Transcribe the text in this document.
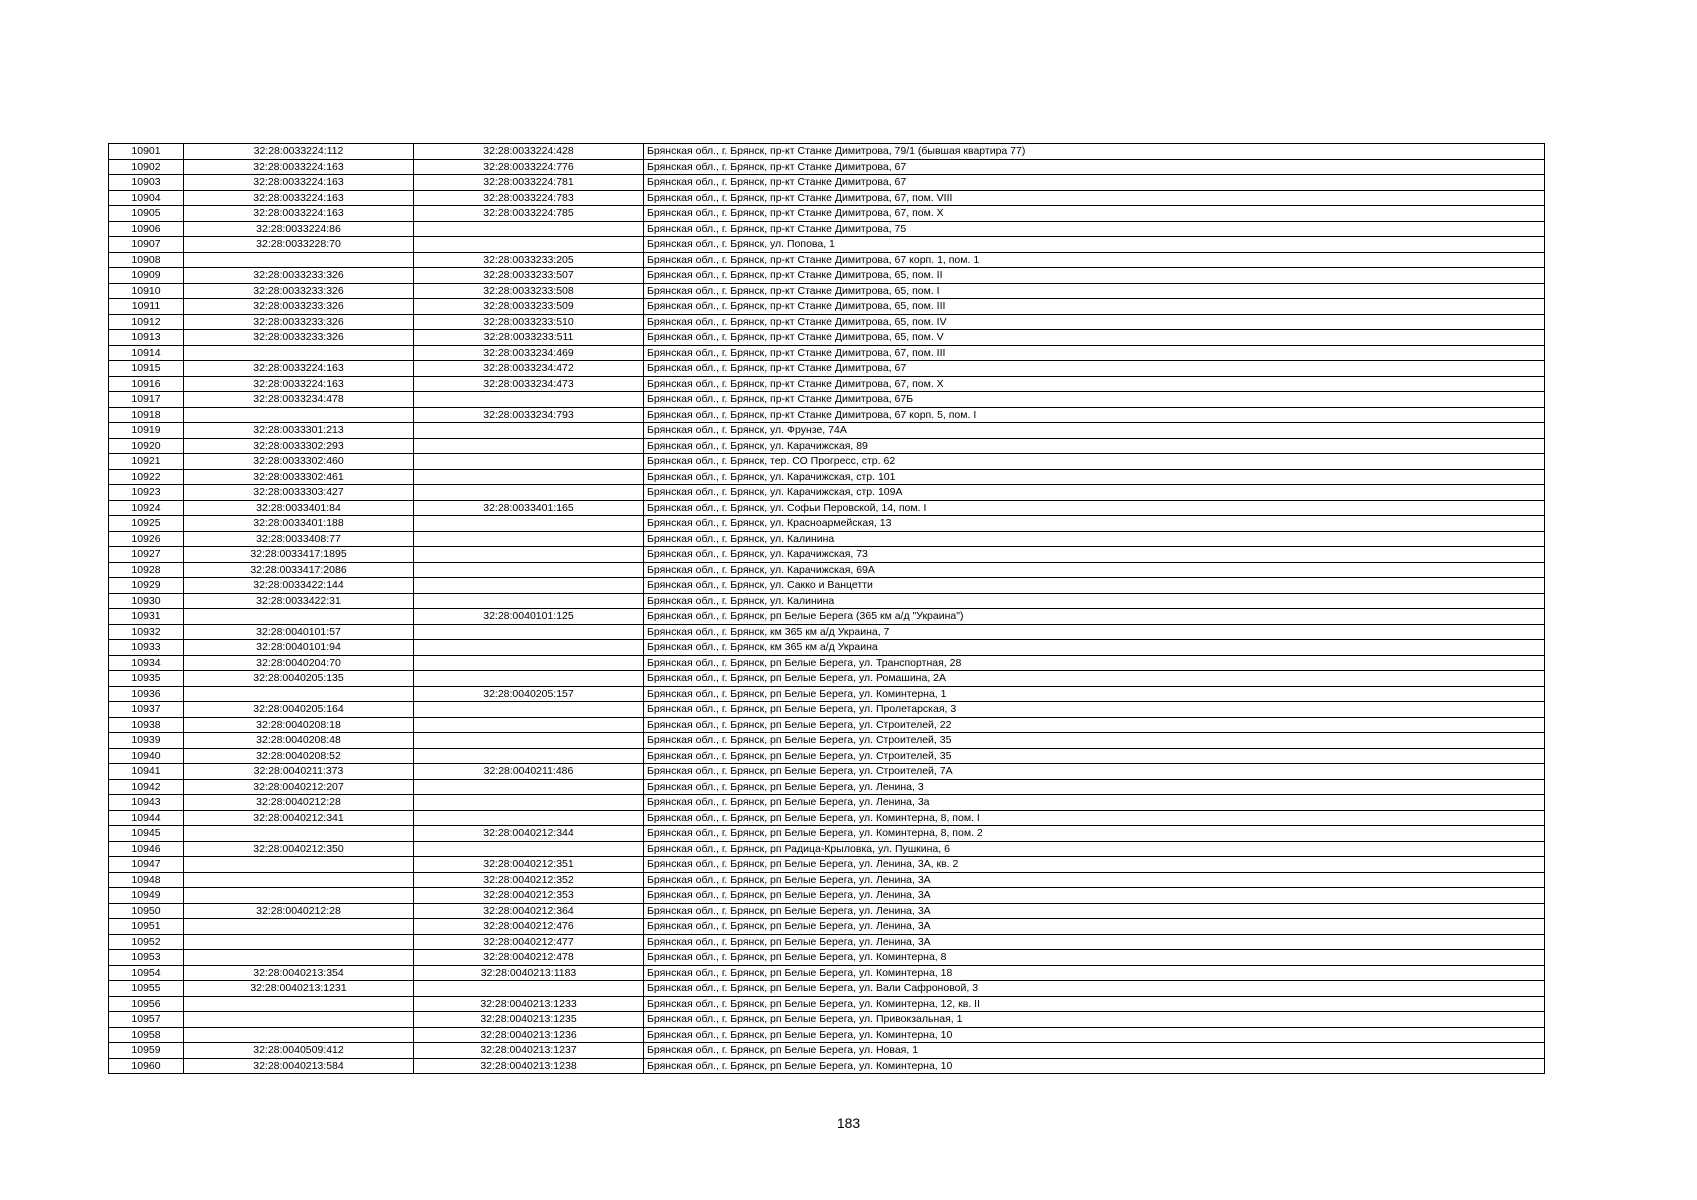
10901	32:28:0033224:112	32:28:0033224:428	Брянская обл., г. Брянск, пр-кт Станке Димитрова, 79/1 (бывшая квартира 77)
10902	32:28:0033224:163	32:28:0033224:776	Брянская обл., г. Брянск, пр-кт Станке Димитрова, 67
10903	32:28:0033224:163	32:28:0033224:781	Брянская обл., г. Брянск, пр-кт Станке Димитрова, 67
10904	32:28:0033224:163	32:28:0033224:783	Брянская обл., г. Брянск, пр-кт Станке Димитрова, 67, пом. VIII
10905	32:28:0033224:163	32:28:0033224:785	Брянская обл., г. Брянск, пр-кт Станке Димитрова, 67, пом. X
10906	32:28:0033224:86		Брянская обл., г. Брянск, пр-кт Станке Димитрова, 75
10907	32:28:0033228:70		Брянская обл., г. Брянск, ул. Попова, 1
10908		32:28:0033233:205	Брянская обл., г. Брянск, пр-кт Станке Димитрова, 67 корп. 1, пом. 1
10909	32:28:0033233:326	32:28:0033233:507	Брянская обл., г. Брянск, пр-кт Станке Димитрова, 65, пом. II
10910	32:28:0033233:326	32:28:0033233:508	Брянская обл., г. Брянск, пр-кт Станке Димитрова, 65, пом. I
10911	32:28:0033233:326	32:28:0033233:509	Брянская обл., г. Брянск, пр-кт Станке Димитрова, 65, пом. III
10912	32:28:0033233:326	32:28:0033233:510	Брянская обл., г. Брянск, пр-кт Станке Димитрова, 65, пом. IV
10913	32:28:0033233:326	32:28:0033233:511	Брянская обл., г. Брянск, пр-кт Станке Димитрова, 65, пом. V
10914		32:28:0033234:469	Брянская обл., г. Брянск, пр-кт Станке Димитрова, 67, пом. III
10915	32:28:0033224:163	32:28:0033234:472	Брянская обл., г. Брянск, пр-кт Станке Димитрова, 67
10916	32:28:0033224:163	32:28:0033234:473	Брянская обл., г. Брянск, пр-кт Станке Димитрова, 67, пом. X
10917	32:28:0033234:478		Брянская обл., г. Брянск, пр-кт Станке Димитрова, 67Б
10918		32:28:0033234:793	Брянская обл., г. Брянск, пр-кт Станке Димитрова, 67 корп. 5, пом. I
10919	32:28:0033301:213		Брянская обл., г. Брянск, ул. Фрунзе, 74А
10920	32:28:0033302:293		Брянская обл., г. Брянск, ул. Карачижская, 89
10921	32:28:0033302:460		Брянская обл., г. Брянск, тер. СО Прогресс, стр. 62
10922	32:28:0033302:461		Брянская обл., г. Брянск, ул. Карачижская, стр. 101
10923	32:28:0033303:427		Брянская обл., г. Брянск, ул. Карачижская, стр. 109А
10924	32:28:0033401:84	32:28:0033401:165	Брянская обл., г. Брянск, ул. Софьи Перовской, 14, пом. I
10925	32:28:0033401:188		Брянская обл., г. Брянск, ул. Красноармейская, 13
10926	32:28:0033408:77		Брянская обл., г. Брянск, ул. Калинина
10927	32:28:0033417:1895		Брянская обл., г. Брянск, ул. Карачижская, 73
10928	32:28:0033417:2086		Брянская обл., г. Брянск, ул. Карачижская, 69А
10929	32:28:0033422:144		Брянская обл., г. Брянск, ул. Сакко и Ванцетти
10930	32:28:0033422:31		Брянская обл., г. Брянск, ул. Калинина
10931		32:28:0040101:125	Брянская обл., г. Брянск, рп Белые Берега (365 км а/д "Украина")
10932	32:28:0040101:57		Брянская обл., г. Брянск, км 365 км а/д Украина, 7
10933	32:28:0040101:94		Брянская обл., г. Брянск, км 365 км а/д Украина
10934	32:28:0040204:70		Брянская обл., г. Брянск, рп Белые Берега, ул. Транспортная, 28
10935	32:28:0040205:135		Брянская обл., г. Брянск, рп Белые Берега, ул. Ромашина, 2А
10936		32:28:0040205:157	Брянская обл., г. Брянск, рп Белые Берега, ул. Коминтерна, 1
10937	32:28:0040205:164		Брянская обл., г. Брянск, рп Белые Берега, ул. Пролетарская, 3
10938	32:28:0040208:18		Брянская обл., г. Брянск, рп Белые Берега, ул. Строителей, 22
10939	32:28:0040208:48		Брянская обл., г. Брянск, рп Белые Берега, ул. Строителей, 35
10940	32:28:0040208:52		Брянская обл., г. Брянск, рп Белые Берега, ул. Строителей, 35
10941	32:28:0040211:373	32:28:0040211:486	Брянская обл., г. Брянск, рп Белые Берега, ул. Строителей, 7А
10942	32:28:0040212:207		Брянская обл., г. Брянск, рп Белые Берега, ул. Ленина, 3
10943	32:28:0040212:28		Брянская обл., г. Брянск, рп Белые Берега, ул. Ленина, 3а
10944	32:28:0040212:341		Брянская обл., г. Брянск, рп Белые Берега, ул. Коминтерна, 8, пом. I
10945		32:28:0040212:344	Брянская обл., г. Брянск, рп Белые Берега, ул. Коминтерна, 8, пом. 2
10946	32:28:0040212:350		Брянская обл., г. Брянск, рп Радица-Крыловка, ул. Пушкина, 6
10947		32:28:0040212:351	Брянская обл., г. Брянск, рп Белые Берега, ул. Ленина, 3А, кв. 2
10948		32:28:0040212:352	Брянская обл., г. Брянск, рп Белые Берега, ул. Ленина, 3А
10949		32:28:0040212:353	Брянская обл., г. Брянск, рп Белые Берега, ул. Ленина, 3А
10950	32:28:0040212:28	32:28:0040212:364	Брянская обл., г. Брянск, рп Белые Берега, ул. Ленина, 3А
10951		32:28:0040212:476	Брянская обл., г. Брянск, рп Белые Берега, ул. Ленина, 3А
10952		32:28:0040212:477	Брянская обл., г. Брянск, рп Белые Берега, ул. Ленина, 3А
10953		32:28:0040212:478	Брянская обл., г. Брянск, рп Белые Берега, ул. Коминтерна, 8
10954	32:28:0040213:354	32:28:0040213:1183	Брянская обл., г. Брянск, рп Белые Берега, ул. Коминтерна, 18
10955	32:28:0040213:1231		Брянская обл., г. Брянск, рп Белые Берега, ул. Вали Сафроновой, 3
10956		32:28:0040213:1233	Брянская обл., г. Брянск, рп Белые Берега, ул. Коминтерна, 12, кв. II
10957		32:28:0040213:1235	Брянская обл., г. Брянск, рп Белые Берега, ул. Привокзальная, 1
10958		32:28:0040213:1236	Брянская обл., г. Брянск, рп Белые Берега, ул. Коминтерна, 10
10959	32:28:0040509:412	32:28:0040213:1237	Брянская обл., г. Брянск, рп Белые Берега, ул. Новая, 1
10960	32:28:0040213:584	32:28:0040213:1238	Брянская обл., г. Брянск, рп Белые Берега, ул. Коминтерна, 10
183
